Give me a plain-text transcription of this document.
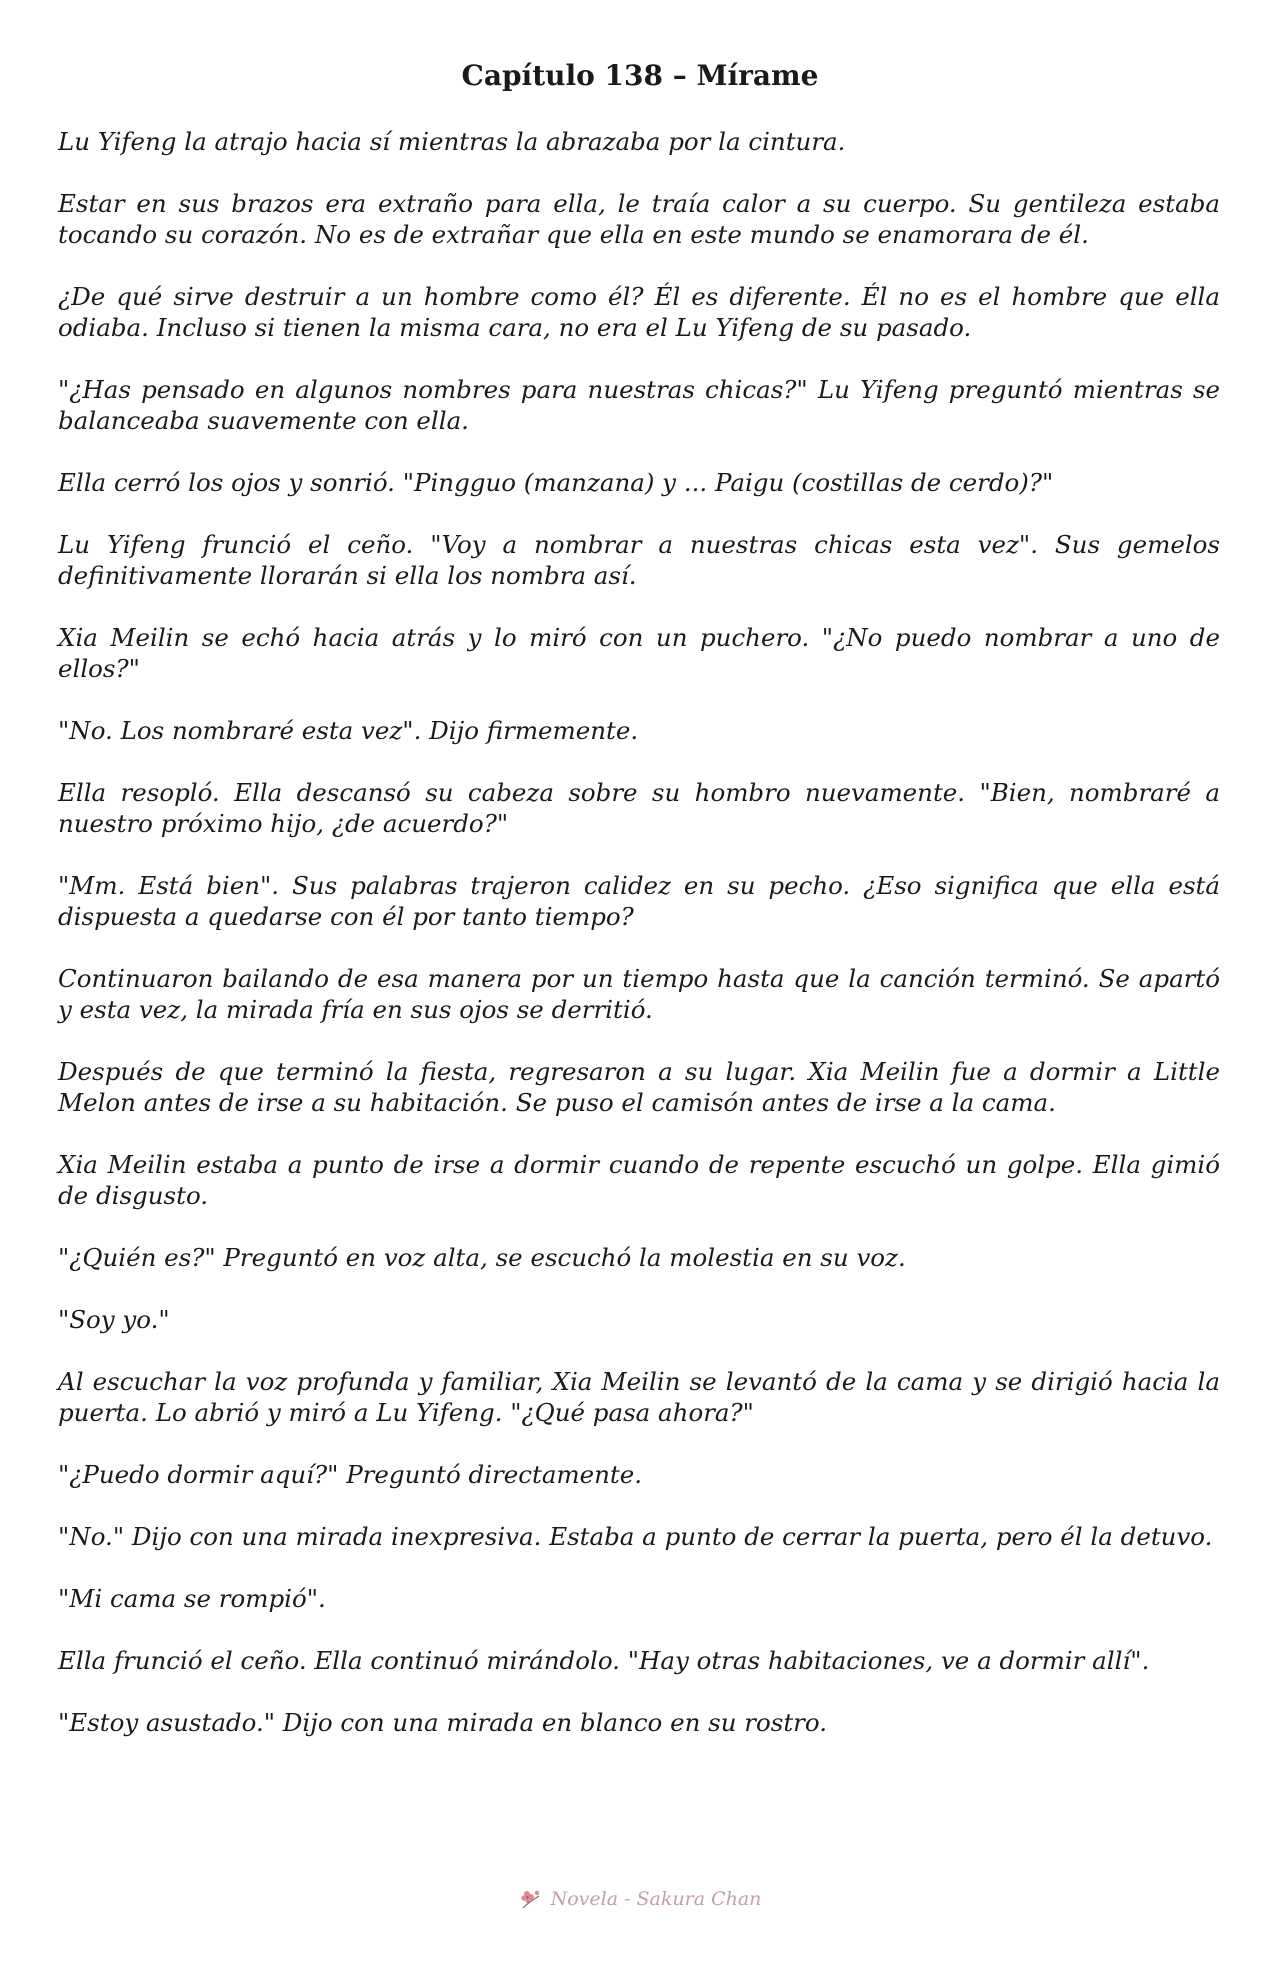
Capítulo 138 – Mírame

Lu Yifeng la atrajo hacia sí mientras la abrazaba por la cintura.

Estar en sus brazos era extraño para ella, le traía calor a su cuerpo. Su gentileza estaba tocando su corazón. No es de extrañar que ella en este mundo se enamorara de él.

¿De qué sirve destruir a un hombre como él? Él es diferente. Él no es el hombre que ella odiaba. Incluso si tienen la misma cara, no era el Lu Yifeng de su pasado.

"¿Has pensado en algunos nombres para nuestras chicas?" Lu Yifeng preguntó mientras se balanceaba suavemente con ella.

Ella cerró los ojos y sonrió. "Pingguo (manzana) y ... Paigu (costillas de cerdo)?"

Lu Yifeng frunció el ceño. "Voy a nombrar a nuestras chicas esta vez". Sus gemelos definitivamente llorarán si ella los nombra así.

Xia Meilin se echó hacia atrás y lo miró con un puchero. "¿No puedo nombrar a uno de ellos?"

"No. Los nombraré esta vez". Dijo firmemente.

Ella resopló. Ella descansó su cabeza sobre su hombro nuevamente. "Bien, nombraré a nuestro próximo hijo, ¿de acuerdo?"

"Mm. Está bien". Sus palabras trajeron calidez en su pecho. ¿Eso significa que ella está dispuesta a quedarse con él por tanto tiempo?

Continuaron bailando de esa manera por un tiempo hasta que la canción terminó. Se apartó y esta vez, la mirada fría en sus ojos se derritió.

Después de que terminó la fiesta, regresaron a su lugar. Xia Meilin fue a dormir a Little Melon antes de irse a su habitación. Se puso el camisón antes de irse a la cama.

Xia Meilin estaba a punto de irse a dormir cuando de repente escuchó un golpe. Ella gimió de disgusto.

"¿Quién es?" Preguntó en voz alta, se escuchó la molestia en su voz.

"Soy yo."

Al escuchar la voz profunda y familiar, Xia Meilin se levantó de la cama y se dirigió hacia la puerta. Lo abrió y miró a Lu Yifeng. "¿Qué pasa ahora?"

"¿Puedo dormir aquí?" Preguntó directamente.

"No." Dijo con una mirada inexpresiva. Estaba a punto de cerrar la puerta, pero él la detuvo.

"Mi cama se rompió".

Ella frunció el ceño. Ella continuó mirándolo. "Hay otras habitaciones, ve a dormir allí".

"Estoy asustado." Dijo con una mirada en blanco en su rostro.

Novela - Sakura Chan
